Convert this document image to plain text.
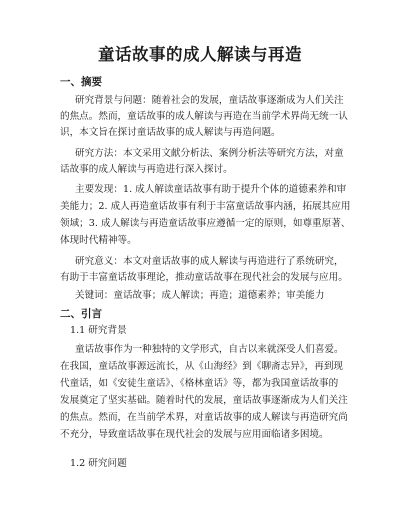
童话故事的成人解读与再造
一、摘要
研究背景与问题：随着社会的发展，童话故事逐渐成为人们关注
的焦点。然而，童话故事的成人解读与再造在当前学术界尚无统一认
识，本文旨在探讨童话故事的成人解读与再造问题。
研究方法：本文采用文献分析法、案例分析法等研究方法，对童
话故事的成人解读与再造进行深入探讨。
主要发现：1. 成人解读童话故事有助于提升个体的道德素养和审
美能力；2. 成人再造童话故事有利于丰富童话故事内涵，拓展其应用
领域；3. 成人解读与再造童话故事应遵循一定的原则，如尊重原著、
体现时代精神等。
研究意义：本文对童话故事的成人解读与再造进行了系统研究，
有助于丰富童话故事理论，推动童话故事在现代社会的发展与应用。
关键词：童话故事；成人解读；再造；道德素养；审美能力
二、引言
1.1 研究背景
童话故事作为一种独特的文学形式，自古以来就深受人们喜爱。
在我国，童话故事源远流长，从《山海经》到《聊斋志异》，再到现
代童话，如《安徒生童话》、《格林童话》等，都为我国童话故事的
发展奠定了坚实基础。随着时代的发展，童话故事逐渐成为人们关注
的焦点。然而，在当前学术界，对童话故事的成人解读与再造研究尚
不充分，导致童话故事在现代社会的发展与应用面临诸多困境。
1.2 研究问题
